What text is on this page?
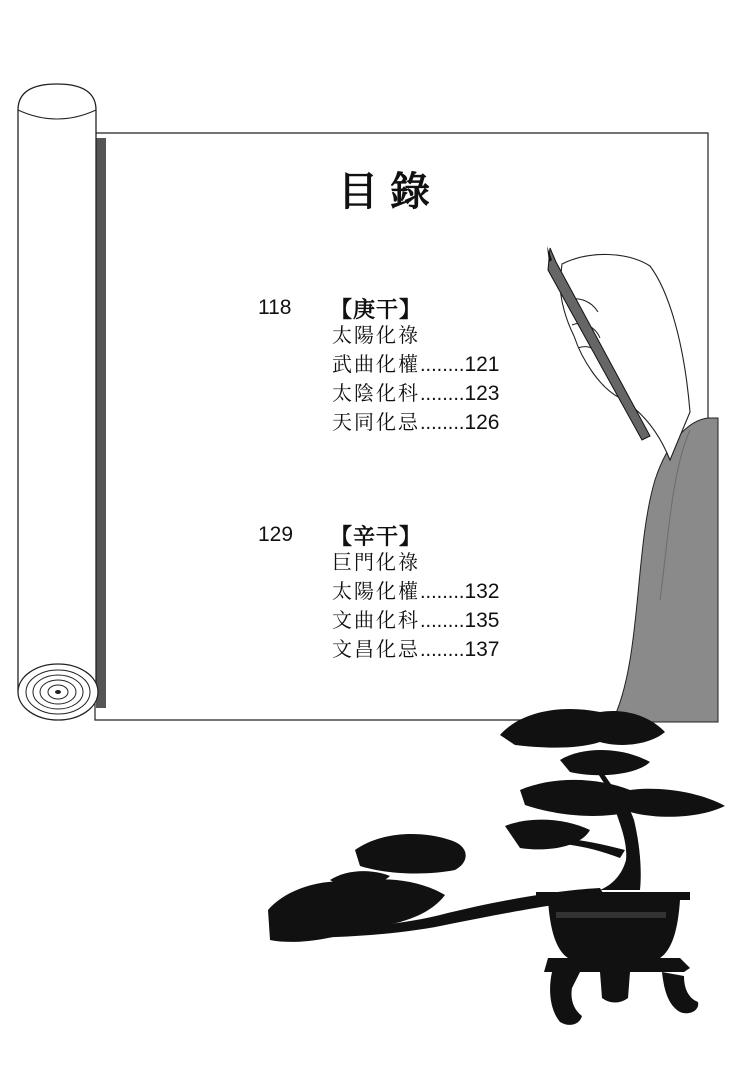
目錄
118 【庚干】
太陽化祿
武曲化權........121
太陰化科........123
天同化忌........126
129 【辛干】
巨門化祿
太陽化權........132
文曲化科........135
文昌化忌........137
